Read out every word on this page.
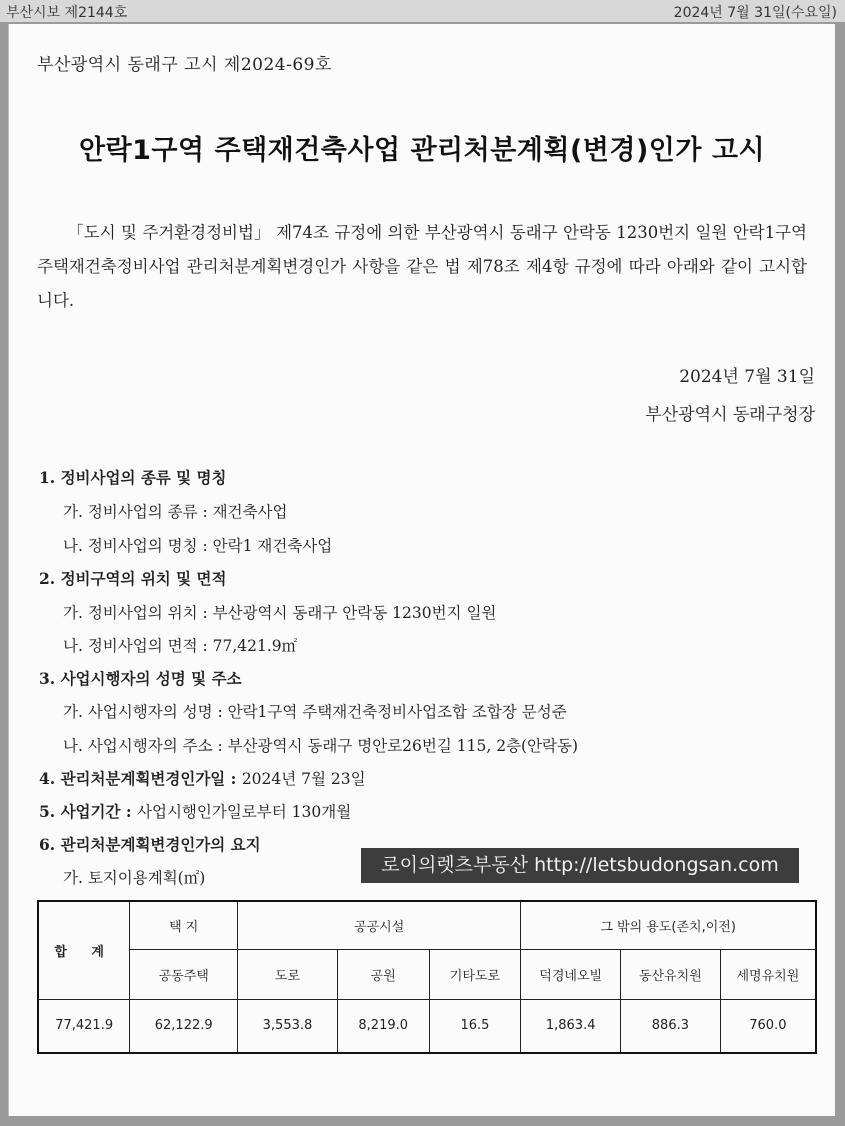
부산시보 제2144호	2024년 7월 31일(수요일)
부산광역시 동래구 고시 제2024-69호
안락1구역 주택재건축사업 관리처분계획(변경)인가 고시
「도시 및 주거환경정비법」 제74조 규정에 의한 부산광역시 동래구 안락동 1230번지 일원 안락1구역 주택재건축정비사업 관리처분계획변경인가 사항을 같은 법 제78조 제4항 규정에 따라 아래와 같이 고시합니다.
2024년 7월 31일
부산광역시 동래구청장
1. 정비사업의 종류 및 명칭
가. 정비사업의 종류 : 재건축사업
나. 정비사업의 명칭 : 안락1 재건축사업
2. 정비구역의 위치 및 면적
가. 정비사업의 위치 : 부산광역시 동래구 안락동 1230번지 일원
나. 정비사업의 면적 : 77,421.9㎡
3. 사업시행자의 성명 및 주소
가. 사업시행자의 성명 : 안락1구역 주택재건축정비사업조합 조합장 문성준
나. 사업시행자의 주소 : 부산광역시 동래구 명안로26번길 115, 2층(안락동)
4. 관리처분계획변경인가일 : 2024년 7월 23일
5. 사업기간 : 사업시행인가일로부터 130개월
6. 관리처분계획변경인가의 요지
가. 토지이용계획(㎡)
로이의렛츠부동산 http://letsbudongsan.com
합 계	택 지	공공시설			그 밖의 용도(존치,이전)		
	공동주택	도로	공원	기타도로	덕경네오빌	동산유치원	세명유치원
77,421.9	62,122.9	3,553.8	8,219.0	16.5	1,863.4	886.3	760.0
